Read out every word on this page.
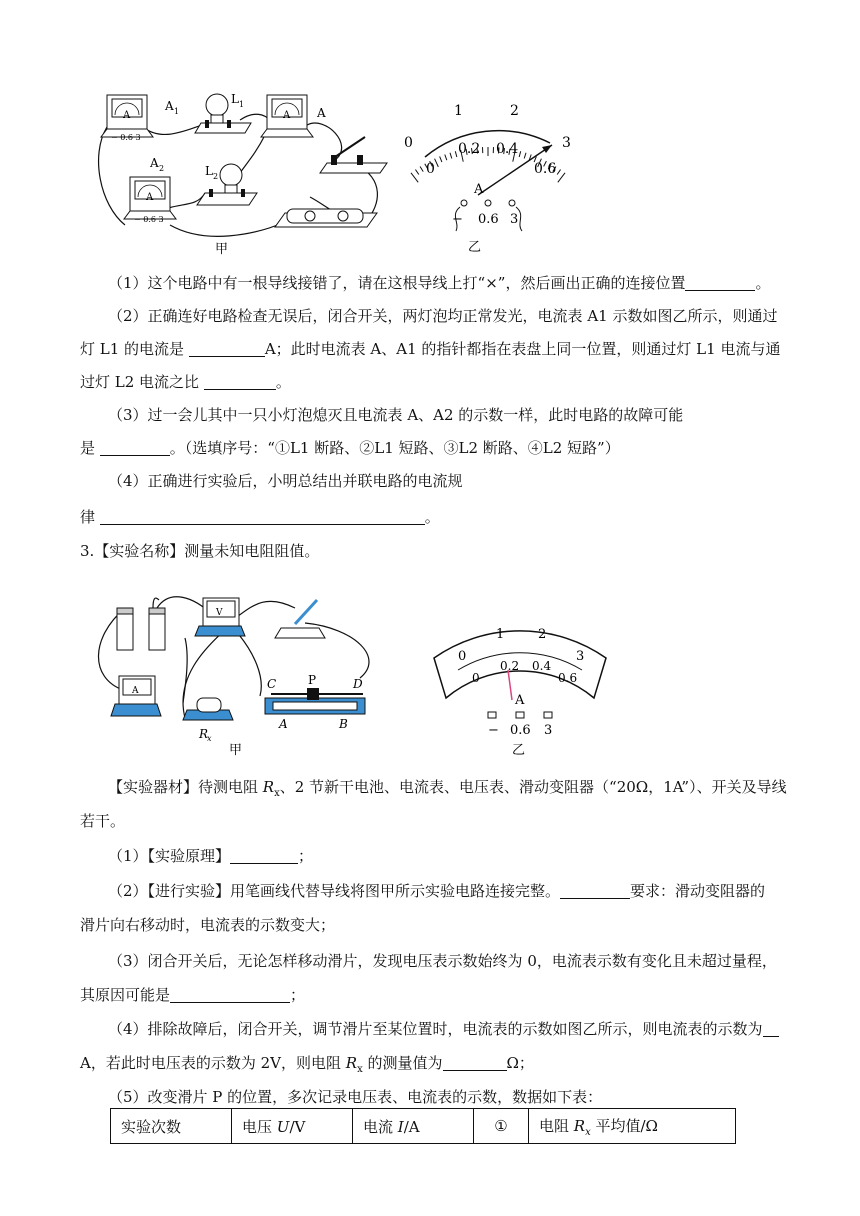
A
− 0.6 3
A 1
L 1
A A
A
− 0.6 3
A 2	L 2
甲
0
1	2
3
0
0.2 0.4
0.6
A
− 0.6 3
乙
（1）这个电路中有一根导线接错了，请在这根导线上打“×”，然后画出正确的连接位置	。
（2）正确连好电路检查无误后，闭合开关，两灯泡均正常发光，电流表 A1 示数如图乙所示，则通过
灯 L1 的电流是	A；此时电流表 A、A1 的指针都指在表盘上同一位置，则通过灯 L1 电流与通
过灯 L2 电流之比	。
（3）过一会儿其中一只小灯泡熄灭且电流表 A、A2 的示数一样，此时电路的故障可能
是	。（选填序号：“①L1 断路、②L1 短路、③L2 断路、④L2 短路”）
（4）正确进行实验后，小明总结出并联电路的电流规
律	。
3.【实验名称】测量未知电阻阻值。
V
A
R
x
C	P	D
A	B
甲
0
1	2
3
0
0.2 0.4
0.6
A
− 0.6 3
乙
【实验器材】待测电阻 $R_x$、2 节新干电池、电流表、电压表、滑动变阻器（“20Ω，1A”）、开关及导线
若干。
（1）【实验原理】	；
（2）【进行实验】用笔画线代替导线将图甲所示实验电路连接完整。	要求：滑动变阻器的
滑片向右移动时，电流表的示数变大；
（3）闭合开关后，无论怎样移动滑片，发现电压表示数始终为 0，电流表示数有变化且未超过量程，
其原因可能是	；
（4）排除故障后，闭合开关，调节滑片至某位置时，电流表的示数如图乙所示，则电流表的示数为
A，若此时电压表的示数为 2V，则电阻 $R_x$ 的测量值为	Ω；
（5）改变滑片 P 的位置，多次记录电压表、电流表的示数，数据如下表：
实验次数	电压 U/V	电流 I/A	①	电阻 $R_x$ 平均值/Ω
